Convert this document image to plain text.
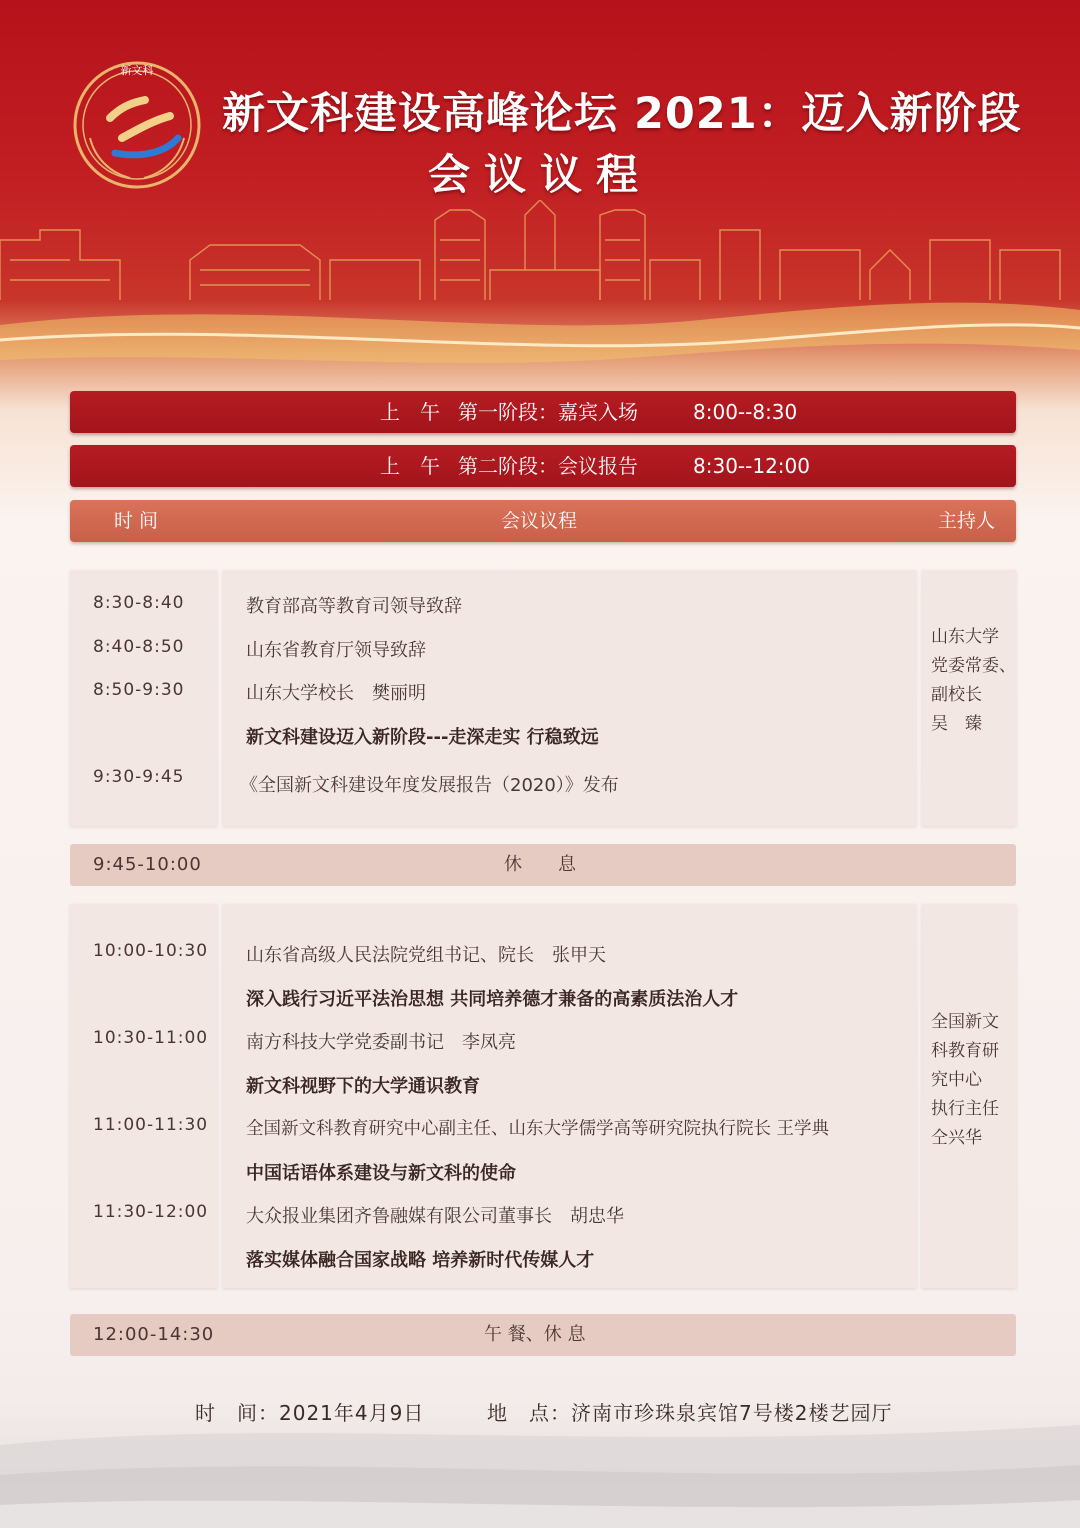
新文科
新文科建设高峰论坛 2021：迈入新阶段
会议议程
上　午 第一阶段：嘉宾入场	8:00--8:30
上　午 第二阶段：会议报告	8:30--12:00
时 间	会议议程	主持人
8:30-8:40	教育部高等教育司领导致辞
8:40-8:50	山东省教育厅领导致辞
8:50-9:30	山东大学校长　樊丽明
新文科建设迈入新阶段---走深走实 行稳致远
9:30-9:45	《全国新文科建设年度发展报告（2020）》发布
山东大学
党委常委、
副校长
吴　臻
9:45-10:00	休　　息
10:00-10:30 山东省高级人民法院党组书记、院长　张甲天
深入践行习近平法治思想 共同培养德才兼备的高素质法治人才
10:30-11:00 南方科技大学党委副书记　李凤亮
新文科视野下的大学通识教育
11:00-11:30 全国新文科教育研究中心副主任、山东大学儒学高等研究院执行院长 王学典
中国话语体系建设与新文科的使命
11:30-12:00 大众报业集团齐鲁融媒有限公司董事长　胡忠华
落实媒体融合国家战略 培养新时代传媒人才
全国新文
科教育研
究中心
执行主任
仝兴华
12:00-14:30	午 餐、休 息
时　间：2021年4月9日	地　点：济南市珍珠泉宾馆7号楼2楼艺园厅
